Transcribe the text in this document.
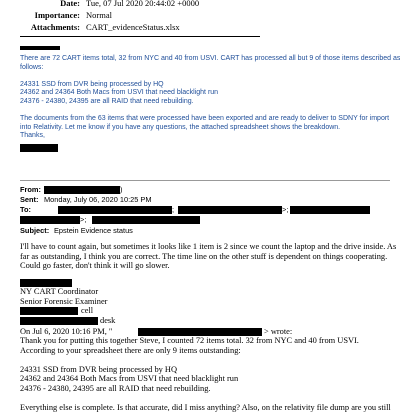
Date: Tue, 07 Jul 2020 20:44:02 +0000
Importance: Normal
Attachments: CART_evidenceStatus.xlsx
There are 72 CART items total, 32 from NYC and 40 from USVI. CART has processed all but 9 of those items described as
follows:

24331 SSD from DVR being processed by HQ
24362 and 24364 Both Macs from USVI that need blacklight run
24376 - 24380, 24395 are all RAID that need rebuilding.

The documents from the 63 items that were processed have been exported and are ready to deliver to SDNY for import
into Relativity. Let me know if you have any questions, the attached spreadsheet shows the breakdown.
Thanks,
From:	)
Sent: Monday, July 06, 2020 10:25 PM
To:	;	>;
>;
Subject: Epstein Evidence status
I'll have to count again, but sometimes it looks like 1 item is 2 since we count the laptop and the drive inside. As
far as outstanding, I think you are correct. The time line on the other stuff is dependent on things cooperating.
Could go faster, don't think it will go slower.
NY CART Coordinator
Senior Forensic Examiner
cell
desk
On Jul 6, 2020 10:16 PM, "	> wrote:
Thank you for putting this together Steve, I counted 72 items total. 32 from NYC and 40 from USVI.
According to your spreadsheet there are only 9 items outstanding:

24331 SSD from DVR being processed by HQ
24362 and 24364 Both Macs from USVI that need blacklight run
24376 - 24380, 24395 are all RAID that need rebuilding.

Everything else is complete. Is that accurate, did I miss anything? Also, on the relativity file dump are you still
